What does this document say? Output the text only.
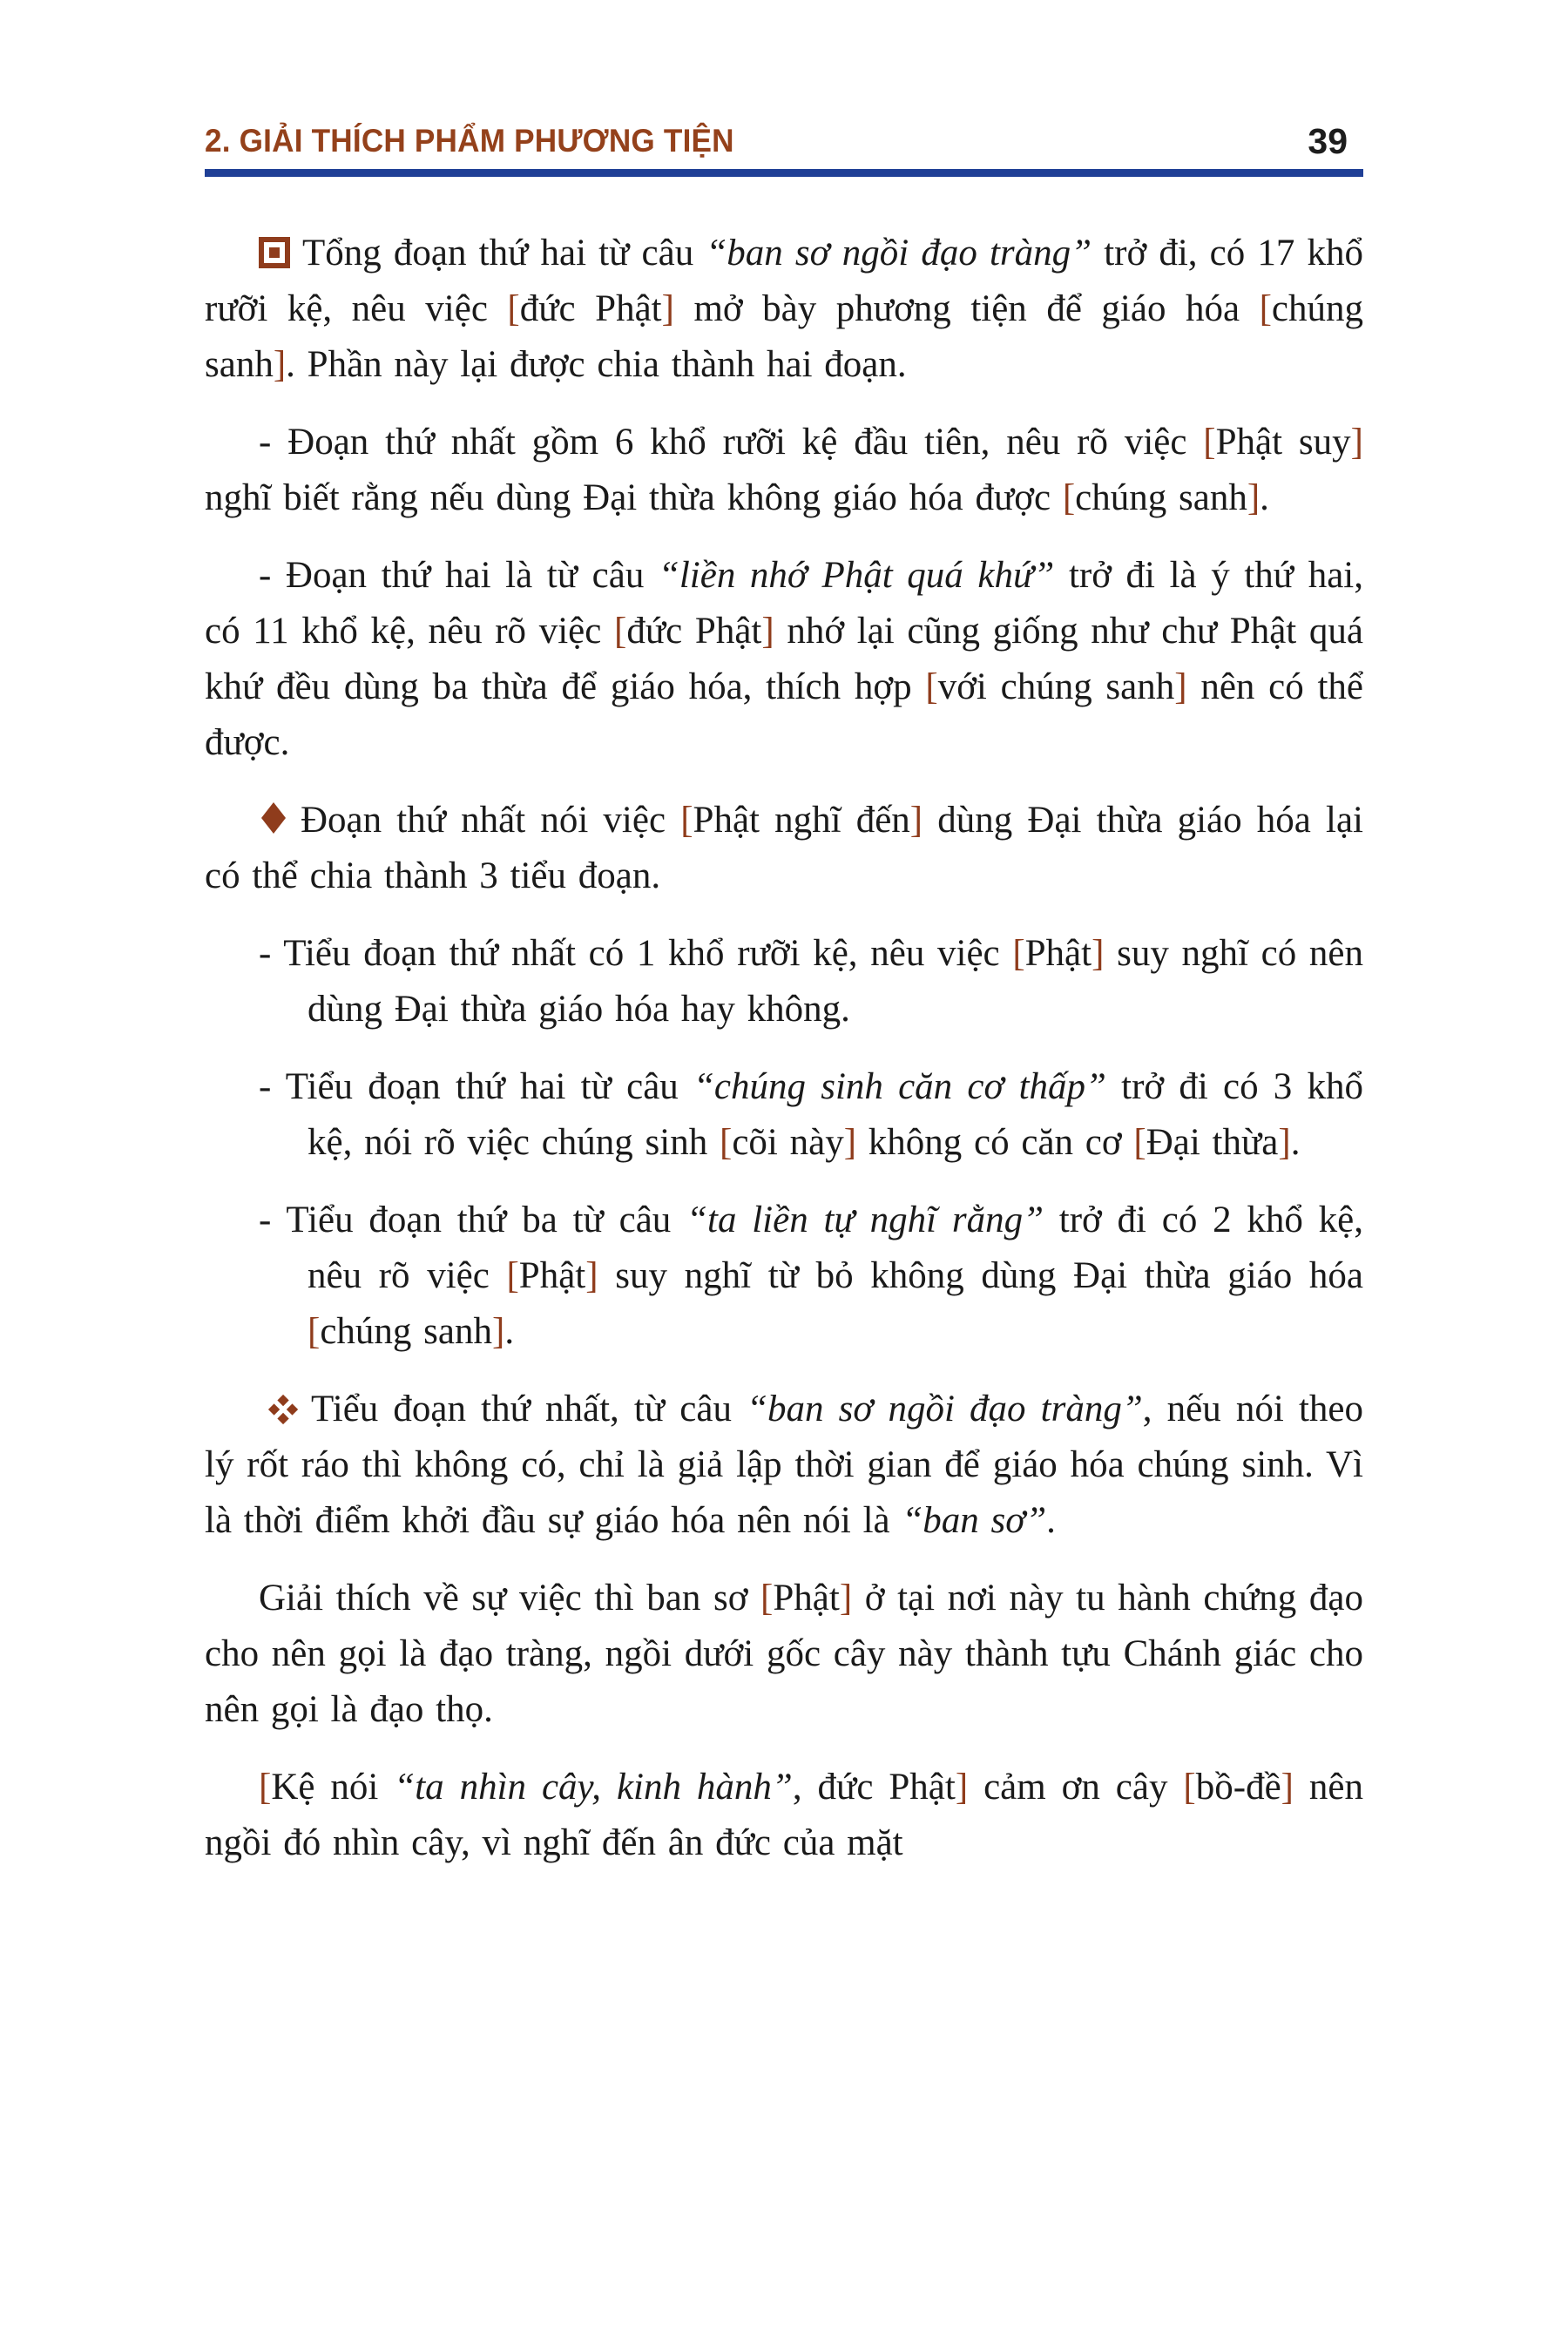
2. GIẢI THÍCH PHẨM PHƯƠNG TIỆN	39

Tổng đoạn thứ hai từ câu “ban sơ ngồi đạo tràng” trở đi, có 17 khổ rưỡi kệ, nêu việc [đức Phật] mở bày phương tiện để giáo hóa [chúng sanh]. Phần này lại được chia thành hai đoạn.

- Đoạn thứ nhất gồm 6 khổ rưỡi kệ đầu tiên, nêu rõ việc [Phật suy] nghĩ biết rằng nếu dùng Đại thừa không giáo hóa được [chúng sanh].

- Đoạn thứ hai là từ câu “liền nhớ Phật quá khứ” trở đi là ý thứ hai, có 11 khổ kệ, nêu rõ việc [đức Phật] nhớ lại cũng giống như chư Phật quá khứ đều dùng ba thừa để giáo hóa, thích hợp [với chúng sanh] nên có thể được.

Đoạn thứ nhất nói việc [Phật nghĩ đến] dùng Đại thừa giáo hóa lại có thể chia thành 3 tiểu đoạn.

- Tiểu đoạn thứ nhất có 1 khổ rưỡi kệ, nêu việc [Phật] suy nghĩ có nên dùng Đại thừa giáo hóa hay không.

- Tiểu đoạn thứ hai từ câu “chúng sinh căn cơ thấp” trở đi có 3 khổ kệ, nói rõ việc chúng sinh [cõi này] không có căn cơ [Đại thừa].

- Tiểu đoạn thứ ba từ câu “ta liền tự nghĩ rằng” trở đi có 2 khổ kệ, nêu rõ việc [Phật] suy nghĩ từ bỏ không dùng Đại thừa giáo hóa [chúng sanh].

Tiểu đoạn thứ nhất, từ câu “ban sơ ngồi đạo tràng”, nếu nói theo lý rốt ráo thì không có, chỉ là giả lập thời gian để giáo hóa chúng sinh. Vì là thời điểm khởi đầu sự giáo hóa nên nói là “ban sơ”.

Giải thích về sự việc thì ban sơ [Phật] ở tại nơi này tu hành chứng đạo cho nên gọi là đạo tràng, ngồi dưới gốc cây này thành tựu Chánh giác cho nên gọi là đạo thọ.

[Kệ nói “ta nhìn cây, kinh hành”, đức Phật] cảm ơn cây [bồ-đề] nên ngồi đó nhìn cây, vì nghĩ đến ân đức của mặt
